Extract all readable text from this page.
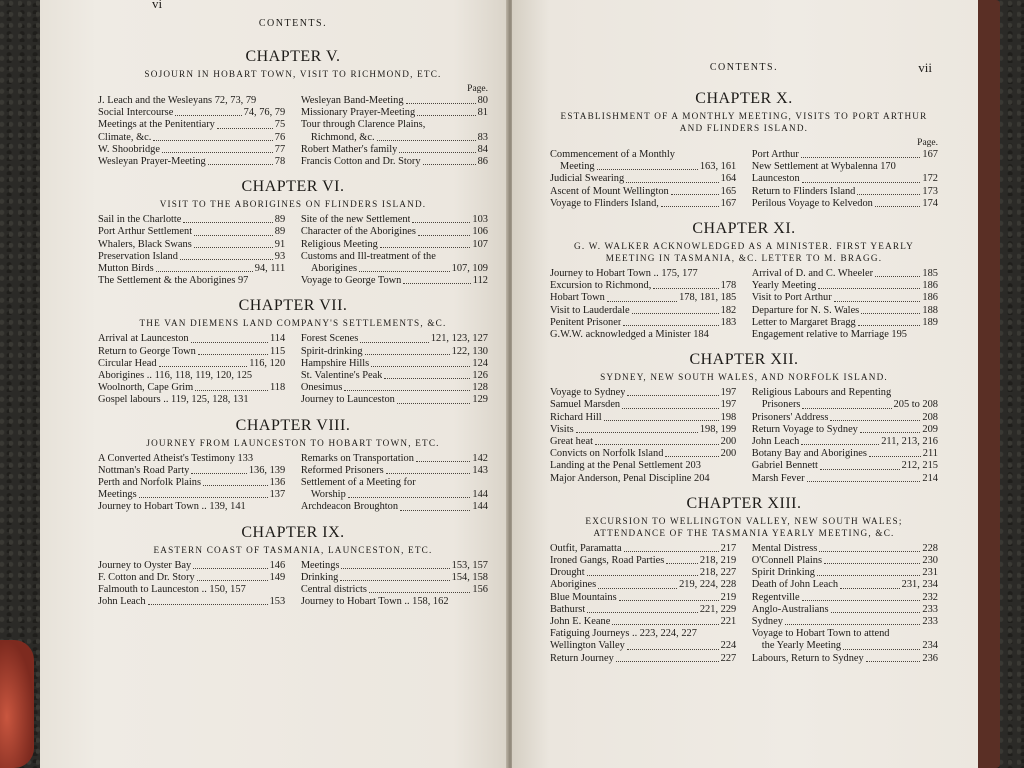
vi
CONTENTS.
CHAPTER V.
SOJOURN IN HOBART TOWN, VISIT TO RICHMOND, ETC.

J. Leach and the Wesleyans 72, 73, 79
Social Intercourse	74, 76, 79
Meetings at the Penitentiary	75
Climate, &c.	76
W. Shoobridge	77
Wesleyan Prayer-Meeting	78
Page.
Wesleyan Band-Meeting	80
Missionary Prayer-Meeting	81
Tour through Clarence Plains,
Richmond, &c.	83
Robert Mather's family	84
Francis Cotton and Dr. Story	86
CHAPTER VI.
VISIT TO THE ABORIGINES ON FLINDERS ISLAND.
Sail in the Charlotte	89
Port Arthur Settlement	89
Whalers, Black Swans	91
Preservation Island	93
Mutton Birds	94, 111
The Settlement & the Aborigines 97
Site of the new Settlement	103
Character of the Aborigines	106
Religious Meeting	107
Customs and Ill-treatment of the
Aborigines	107, 109
Voyage to George Town	112
CHAPTER VII.
THE VAN DIEMENS LAND COMPANY'S SETTLEMENTS, &C.
Arrival at Launceston	114
Return to George Town	115
Circular Head	116, 120
Aborigines .. 116, 118, 119, 120, 125
Woolnorth, Cape Grim	118
Gospel labours .. 119, 125, 128, 131
Forest Scenes	121, 123, 127
Spirit-drinking	122, 130
Hampshire Hills	124
St. Valentine's Peak	126
Onesimus	128
Journey to Launceston	129
CHAPTER VIII.
JOURNEY FROM LAUNCESTON TO HOBART TOWN, ETC.
A Converted Atheist's Testimony 133
Nottman's Road Party	136, 139
Perth and Norfolk Plains	136
Meetings	137
Journey to Hobart Town .. 139, 141
Remarks on Transportation	142
Reformed Prisoners	143
Settlement of a Meeting for
Worship	144
Archdeacon Broughton	144
CHAPTER IX.
EASTERN COAST OF TASMANIA, LAUNCESTON, ETC.
Journey to Oyster Bay	146
F. Cotton and Dr. Story	149
Falmouth to Launceston .. 150, 157
John Leach	153
Meetings	153, 157
Drinking	154, 158
Central districts	156
Journey to Hobart Town .. 158, 162
CONTENTS.	vii
CHAPTER X.
ESTABLISHMENT OF A MONTHLY MEETING, VISITS TO PORT ARTHUR AND FLINDERS ISLAND.

Commencement of a Monthly
Meeting	163, 161
Judicial Swearing	164
Ascent of Mount Wellington	165
Voyage to Flinders Island,	167
Page.
Port Arthur	167
New Settlement at Wybalenna 170
Launceston	172
Return to Flinders Island	173
Perilous Voyage to Kelvedon	174
CHAPTER XI.
G. W. WALKER ACKNOWLEDGED AS A MINISTER. FIRST YEARLY MEETING IN TASMANIA, &C. LETTER TO M. BRAGG.
Journey to Hobart Town .. 175, 177
Excursion to Richmond,	178
Hobart Town	178, 181, 185
Visit to Lauderdale	182
Penitent Prisoner	183
G.W.W. acknowledged a Minister 184
Arrival of D. and C. Wheeler	185
Yearly Meeting	186
Visit to Port Arthur	186
Departure for N. S. Wales	188
Letter to Margaret Bragg	189
Engagement relative to Marriage 195
CHAPTER XII.
SYDNEY, NEW SOUTH WALES, AND NORFOLK ISLAND.
Voyage to Sydney	197
Samuel Marsden	197
Richard Hill	198
Visits	198, 199
Great heat	200
Convicts on Norfolk Island	200
Landing at the Penal Settlement 203
Major Anderson, Penal Discipline 204
Religious Labours and Repenting
Prisoners	205 to 208
Prisoners' Address	208
Return Voyage to Sydney	209
John Leach	211, 213, 216
Botany Bay and Aborigines	211
Gabriel Bennett	212, 215
Marsh Fever	214
CHAPTER XIII.
EXCURSION TO WELLINGTON VALLEY, NEW SOUTH WALES; ATTENDANCE OF THE TASMANIA YEARLY MEETING, &C.
Outfit, Paramatta	217
Ironed Gangs, Road Parties	218, 219
Drought	218, 227
Aborigines	219, 224, 228
Blue Mountains	219
Bathurst	221, 229
John E. Keane	221
Fatiguing Journeys .. 223, 224, 227
Wellington Valley	224
Return Journey	227
Mental Distress	228
O'Connell Plains	230
Spirit Drinking	231
Death of John Leach	231, 234
Regentville	232
Anglo-Australians	233
Sydney	233
Voyage to Hobart Town to attend
the Yearly Meeting	234
Labours, Return to Sydney	236
